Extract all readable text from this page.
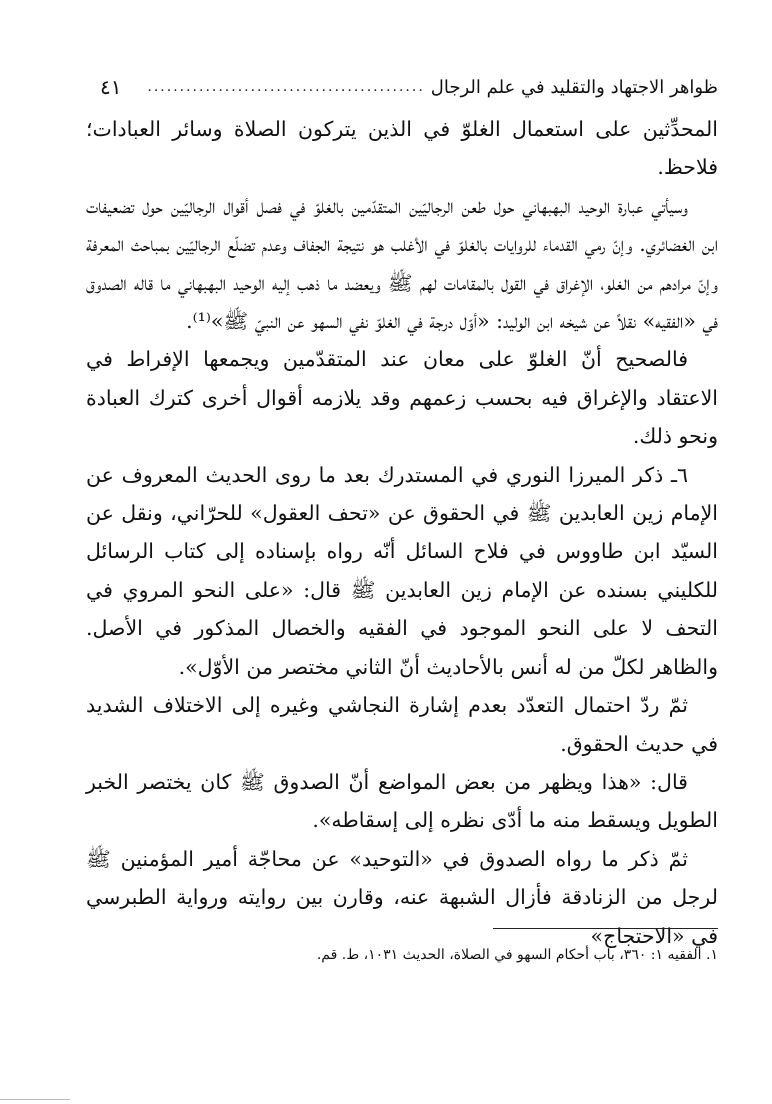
ظواهر الاجتهاد والتقليد في علم الرجال
...........................................
٤١

المحدِّثين على استعمال الغلوّ في الذين يتركون الصلاة وسائر العبادات؛ فلاحظ.

وسيأتي عبارة الوحيد البهبهاني حول طعن الرجاليّين المتقدّمين بالغلوّ في فصل أقوال الرجاليّين حول تضعيفات ابن الغضائري. وإنّ رمي القدماء للروايات بالغلوّ في الأغلب هو نتيجة الجفاف وعدم تضلّع الرجاليّين بمباحث المعرفة وإنّ مرادهم من الغلو، الإغراق في القول بالمقامات لهم ﷺ ويعضد ما ذهب إليه الوحيد البهبهاني ما قاله الصدوق في «الفقيه» نقلاً عن شيخه ابن الوليد: «أوّل درجة في الغلوّ نفي السهو عن النبيّ ﷺ»⁽¹⁾.

فالصحيح أنّ الغلوّ على معان عند المتقدّمين ويجمعها الإفراط في الاعتقاد والإغراق فيه بحسب زعمهم وقد يلازمه أقوال أخرى كترك العبادة ونحو ذلك.

٦ـ ذكر الميرزا النوري في المستدرك بعد ما روى الحديث المعروف عن الإمام زين العابدين ﷺ في الحقوق عن «تحف العقول» للحرّاني، ونقل عن السيّد ابن طاووس في فلاح السائل أنّه رواه بإسناده إلى كتاب الرسائل للكليني بسنده عن الإمام زين العابدين ﷺ قال: «على النحو المروي في التحف لا على النحو الموجود في الفقيه والخصال المذكور في الأصل. والظاهر لكلّ من له أنس بالأحاديث أنّ الثاني مختصر من الأوّل».

ثمّ ردّ احتمال التعدّد بعدم إشارة النجاشي وغيره إلى الاختلاف الشديد في حديث الحقوق.

قال: «هذا ويظهر من بعض المواضع أنّ الصدوق ﷺ كان يختصر الخبر الطويل ويسقط منه ما أدّى نظره إلى إسقاطه».

ثمّ ذكر ما رواه الصدوق في «التوحيد» عن محاجّة أمير المؤمنين ﷺ لرجل من الزنادقة فأزال الشبهة عنه، وقارن بين روايته ورواية الطبرسي في «الاحتجاج»

١. الفقيه ١: ٣٦٠، باب أحكام السهو في الصلاة، الحديث ١٠٣١، ط. قم.
